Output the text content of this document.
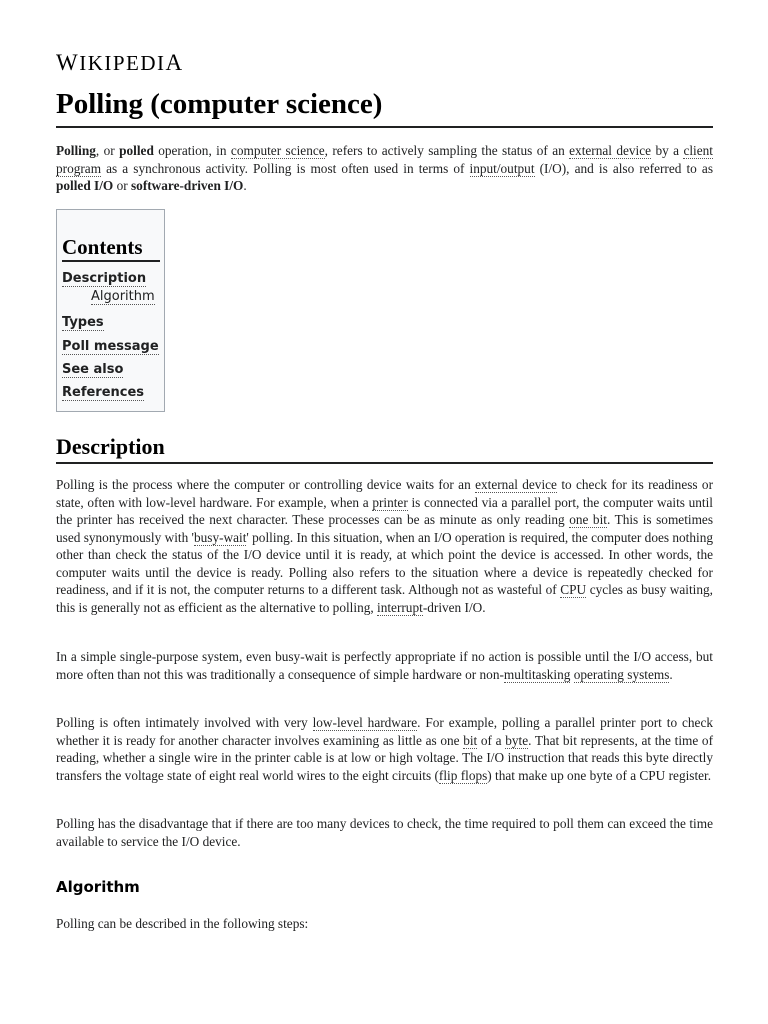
WIKIPEDIA
Polling (computer science)

Polling, or polled operation, in computer science, refers to actively sampling the status of an external device by a client program as a synchronous activity. Polling is most often used in terms of input/output (I/O), and is also referred to as polled I/O or software-driven I/O.

Contents
Description
Algorithm
Types
Poll message
See also
References
Description

Polling is the process where the computer or controlling device waits for an external device to check for its readiness or state, often with low-level hardware. For example, when a printer is connected via a parallel port, the computer waits until the printer has received the next character. These processes can be as minute as only reading one bit. This is sometimes used synonymously with 'busy-wait' polling. In this situation, when an I/O operation is required, the computer does nothing other than check the status of the I/O device until it is ready, at which point the device is accessed. In other words, the computer waits until the device is ready. Polling also refers to the situation where a device is repeatedly checked for readiness, and if it is not, the computer returns to a different task. Although not as wasteful of CPU cycles as busy waiting, this is generally not as efficient as the alternative to polling, interrupt-driven I/O.

In a simple single-purpose system, even busy-wait is perfectly appropriate if no action is possible until the I/O access, but more often than not this was traditionally a consequence of simple hardware or non-multitasking operating systems.

Polling is often intimately involved with very low-level hardware. For example, polling a parallel printer port to check whether it is ready for another character involves examining as little as one bit of a byte. That bit represents, at the time of reading, whether a single wire in the printer cable is at low or high voltage. The I/O instruction that reads this byte directly transfers the voltage state of eight real world wires to the eight circuits (flip flops) that make up one byte of a CPU register.

Polling has the disadvantage that if there are too many devices to check, the time required to poll them can exceed the time available to service the I/O device.

Algorithm

Polling can be described in the following steps:
